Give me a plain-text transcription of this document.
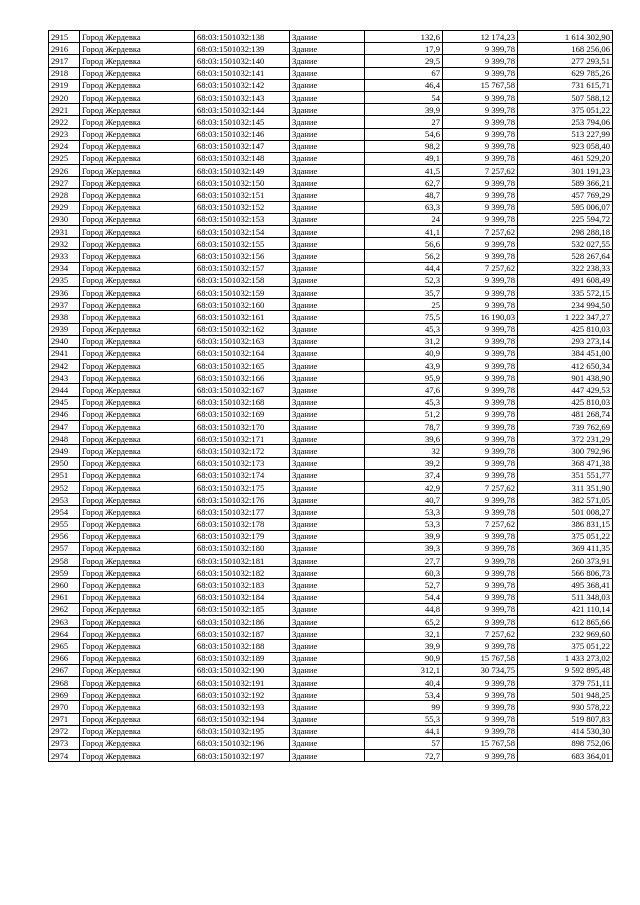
2915	Город Жердевка	68:03:1501032:138	Здание	132,6	12 174,23	1 614 302,90
2916	Город Жердевка	68:03:1501032:139	Здание	17,9	9 399,78	168 256,06
2917	Город Жердевка	68:03:1501032:140	Здание	29,5	9 399,78	277 293,51
2918	Город Жердевка	68:03:1501032:141	Здание	67	9 399,78	629 785,26
2919	Город Жердевка	68:03:1501032:142	Здание	46,4	15 767,58	731 615,71
2920	Город Жердевка	68:03:1501032:143	Здание	54	9 399,78	507 588,12
2921	Город Жердевка	68:03:1501032:144	Здание	39,9	9 399,78	375 051,22
2922	Город Жердевка	68:03:1501032:145	Здание	27	9 399,78	253 794,06
2923	Город Жердевка	68:03:1501032:146	Здание	54,6	9 399,78	513 227,99
2924	Город Жердевка	68:03:1501032:147	Здание	98,2	9 399,78	923 058,40
2925	Город Жердевка	68:03:1501032:148	Здание	49,1	9 399,78	461 529,20
2926	Город Жердевка	68:03:1501032:149	Здание	41,5	7 257,62	301 191,23
2927	Город Жердевка	68:03:1501032:150	Здание	62,7	9 399,78	589 366,21
2928	Город Жердевка	68:03:1501032:151	Здание	48,7	9 399,78	457 769,29
2929	Город Жердевка	68:03:1501032:152	Здание	63,3	9 399,78	595 006,07
2930	Город Жердевка	68:03:1501032:153	Здание	24	9 399,78	225 594,72
2931	Город Жердевка	68:03:1501032:154	Здание	41,1	7 257,62	298 288,18
2932	Город Жердевка	68:03:1501032:155	Здание	56,6	9 399,78	532 027,55
2933	Город Жердевка	68:03:1501032:156	Здание	56,2	9 399,78	528 267,64
2934	Город Жердевка	68:03:1501032:157	Здание	44,4	7 257,62	322 238,33
2935	Город Жердевка	68:03:1501032:158	Здание	52,3	9 399,78	491 608,49
2936	Город Жердевка	68:03:1501032:159	Здание	35,7	9 399,78	335 572,15
2937	Город Жердевка	68:03:1501032:160	Здание	25	9 399,78	234 994,50
2938	Город Жердевка	68:03:1501032:161	Здание	75,5	16 190,03	1 222 347,27
2939	Город Жердевка	68:03:1501032:162	Здание	45,3	9 399,78	425 810,03
2940	Город Жердевка	68:03:1501032:163	Здание	31,2	9 399,78	293 273,14
2941	Город Жердевка	68:03:1501032:164	Здание	40,9	9 399,78	384 451,00
2942	Город Жердевка	68:03:1501032:165	Здание	43,9	9 399,78	412 650,34
2943	Город Жердевка	68:03:1501032:166	Здание	95,9	9 399,78	901 438,90
2944	Город Жердевка	68:03:1501032:167	Здание	47,6	9 399,78	447 429,53
2945	Город Жердевка	68:03:1501032:168	Здание	45,3	9 399,78	425 810,03
2946	Город Жердевка	68:03:1501032:169	Здание	51,2	9 399,78	481 268,74
2947	Город Жердевка	68:03:1501032:170	Здание	78,7	9 399,78	739 762,69
2948	Город Жердевка	68:03:1501032:171	Здание	39,6	9 399,78	372 231,29
2949	Город Жердевка	68:03:1501032:172	Здание	32	9 399,78	300 792,96
2950	Город Жердевка	68:03:1501032:173	Здание	39,2	9 399,78	368 471,38
2951	Город Жердевка	68:03:1501032:174	Здание	37,4	9 399,78	351 551,77
2952	Город Жердевка	68:03:1501032:175	Здание	42,9	7 257,62	311 351,90
2953	Город Жердевка	68:03:1501032:176	Здание	40,7	9 399,78	382 571,05
2954	Город Жердевка	68:03:1501032:177	Здание	53,3	9 399,78	501 008,27
2955	Город Жердевка	68:03:1501032:178	Здание	53,3	7 257,62	386 831,15
2956	Город Жердевка	68:03:1501032:179	Здание	39,9	9 399,78	375 051,22
2957	Город Жердевка	68:03:1501032:180	Здание	39,3	9 399,78	369 411,35
2958	Город Жердевка	68:03:1501032:181	Здание	27,7	9 399,78	260 373,91
2959	Город Жердевка	68:03:1501032:182	Здание	60,3	9 399,78	566 806,73
2960	Город Жердевка	68:03:1501032:183	Здание	52,7	9 399,78	495 368,41
2961	Город Жердевка	68:03:1501032:184	Здание	54,4	9 399,78	511 348,03
2962	Город Жердевка	68:03:1501032:185	Здание	44,8	9 399,78	421 110,14
2963	Город Жердевка	68:03:1501032:186	Здание	65,2	9 399,78	612 865,66
2964	Город Жердевка	68:03:1501032:187	Здание	32,1	7 257,62	232 969,60
2965	Город Жердевка	68:03:1501032:188	Здание	39,9	9 399,78	375 051,22
2966	Город Жердевка	68:03:1501032:189	Здание	90,9	15 767,58	1 433 273,02
2967	Город Жердевка	68:03:1501032:190	Здание	312,1	30 734,75	9 592 895,48
2968	Город Жердевка	68:03:1501032:191	Здание	40,4	9 399,78	379 751,11
2969	Город Жердевка	68:03:1501032:192	Здание	53,4	9 399,78	501 948,25
2970	Город Жердевка	68:03:1501032:193	Здание	99	9 399,78	930 578,22
2971	Город Жердевка	68:03:1501032:194	Здание	55,3	9 399,78	519 807,83
2972	Город Жердевка	68:03:1501032:195	Здание	44,1	9 399,78	414 530,30
2973	Город Жердевка	68:03:1501032:196	Здание	57	15 767,58	898 752,06
2974	Город Жердевка	68:03:1501032:197	Здание	72,7	9 399,78	683 364,01
